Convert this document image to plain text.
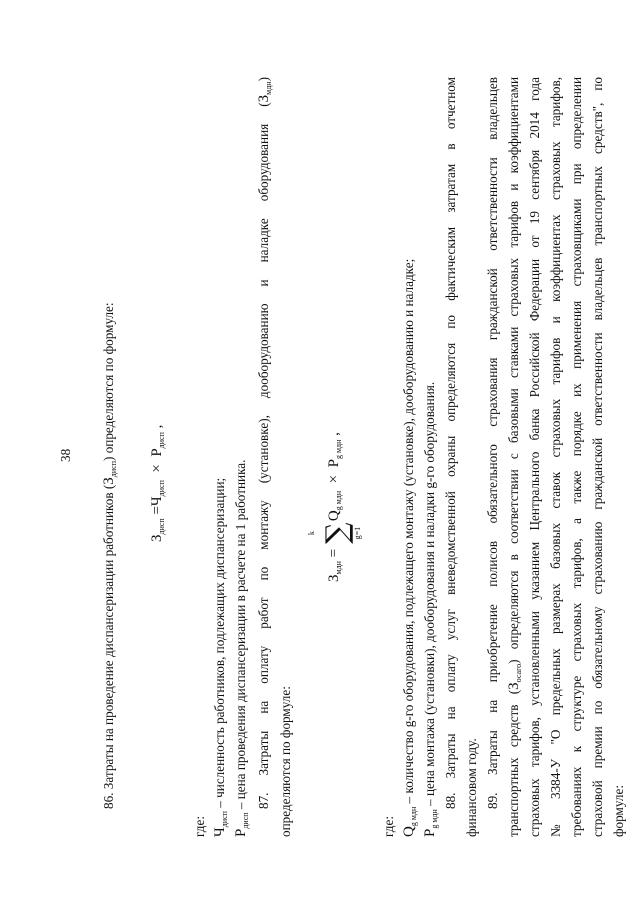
38
86. Затраты на проведение диспансеризации работников $(З_{дисп})$ определяются по формуле:
$З_{дисп} =Ч_{дисп} \times Р_{дисп}$ ,
где: $Ч_{дисп}$ – численность работников, подлежащих диспансеризации;
$Р_{дисп}$ – цена проведения диспансеризации в расчете на 1 работника. 87. Затраты на оплату работ по монтажу (установке), дооборудованию и наладке оборудования $(З_{мдн})$
определяются по формуле:
$З_{мдн}$ =
k ∑
g=1
$Q_{g мдн} \times Р_{g мдн}$ ,
где: $Q_{g мдн}$ – количество g-го оборудования, подлежащего монтажу (установке), дооборудованию и наладке;
$Р_{g мдн}$ – цена монтажа (установки), дооборудования и наладки g-го оборудования. 88. Затраты на оплату услуг вневедомственной охраны определяются по фактическим затратам в отчетном финансовом году. 89. Затраты на приобретение полисов обязательного страхования гражданской ответственности владельцев транспортных средств $(З_{осаго})$ определяются в соответствии с базовыми ставками страховых тарифов и коэффициентами страховых тарифов, установленными указанием Центрального банка Российской Федерации от 19 сентября 2014 года № 3384-У "О предельных размерах базовых ставок страховых тарифов и коэффициентах страховых тарифов, требованиях к структуре страховых тарифов, а также порядке их применения страховщиками при определении страховой премии по обязательному страхованию гражданской ответственности владельцев транспортных средств", по формуле:
